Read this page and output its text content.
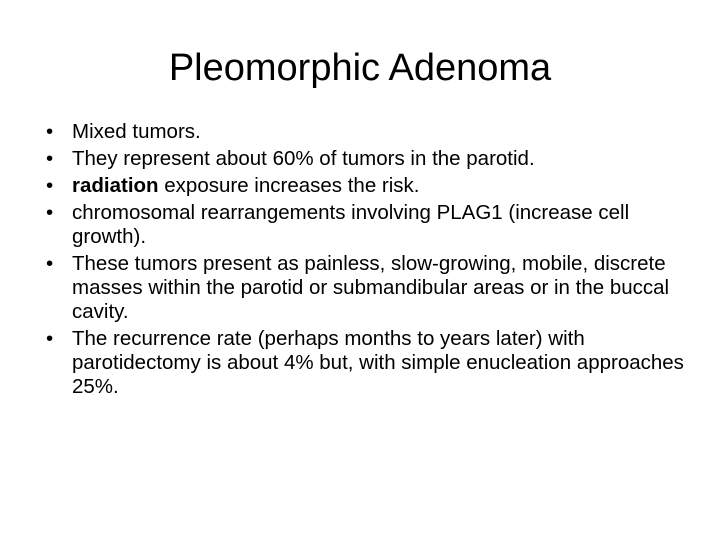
Pleomorphic Adenoma
• Mixed tumors.
• They represent about 60% of tumors in the parotid.
• radiation exposure increases the risk.
• chromosomal rearrangements involving PLAG1 (increase cell growth).
• These tumors present as painless, slow-growing, mobile, discrete masses within the parotid or submandibular areas or in the buccal cavity.
• The recurrence rate (perhaps months to years later) with parotidectomy is about 4% but, with simple enucleation approaches 25%.
